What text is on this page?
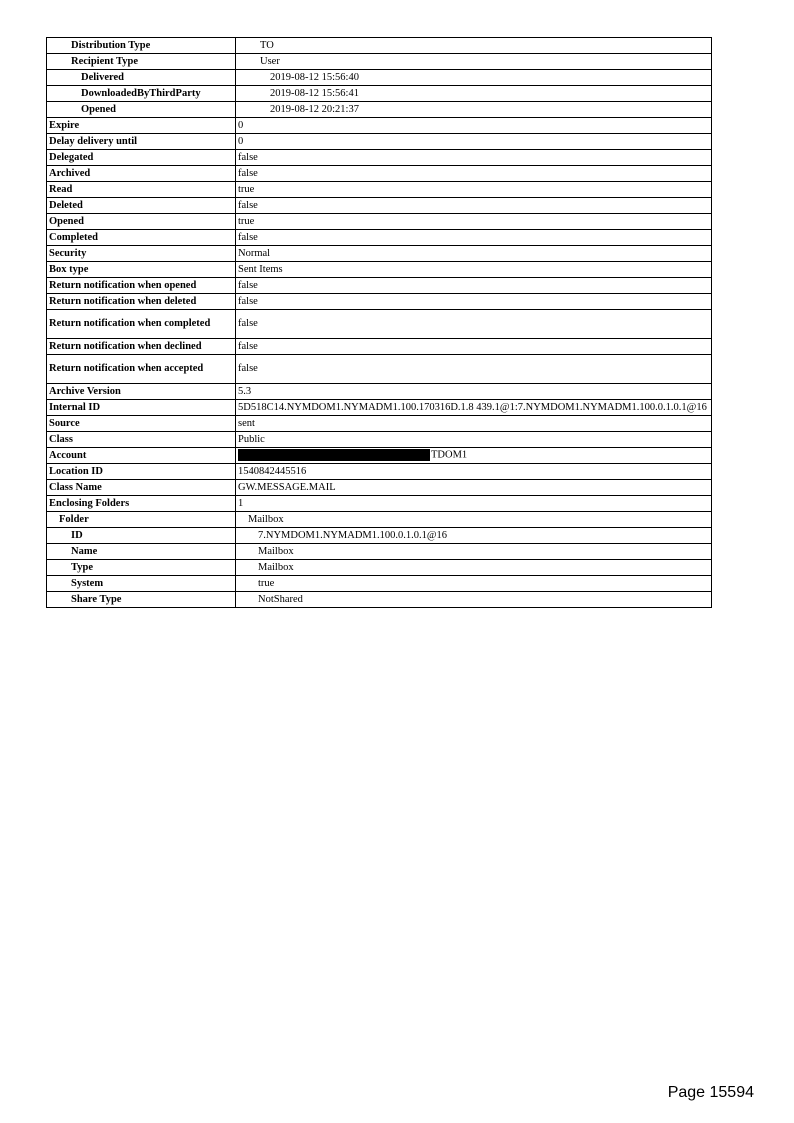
Distribution Type	TO
Recipient Type	User
Delivered	2019-08-12 15:56:40
DownloadedByThirdParty	2019-08-12 15:56:41
Opened	2019-08-12 20:21:37
Expire	0
Delay delivery until	0
Delegated	false
Archived	false
Read	true
Deleted	false
Opened	true
Completed	false
Security	Normal
Box type	Sent Items
Return notification when opened	false
Return notification when deleted	false
Return notification when completed	false
Return notification when declined	false
Return notification when accepted	false
Archive Version	5.3
Internal ID	5D518C14.NYMDOM1.NYMADM1.100.170316D.1.8 439.1@1:7.NYMDOM1.NYMADM1.100.0.1.0.1@16
Source	sent
Class	Public
Account	TDOM1
Location ID	1540842445516
Class Name	GW.MESSAGE.MAIL
Enclosing Folders	1
Folder	Mailbox
ID	7.NYMDOM1.NYMADM1.100.0.1.0.1@16
Name	Mailbox
Type	Mailbox
System	true
Share Type	NotShared
Page 15594
